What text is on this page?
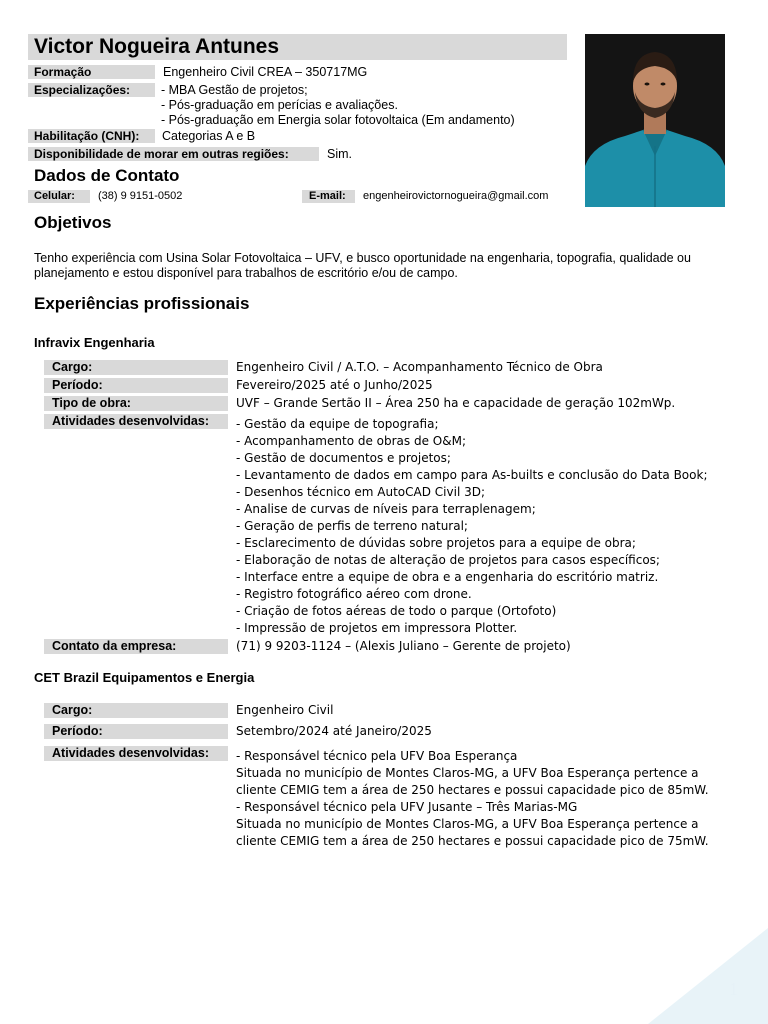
Victor Nogueira Antunes
Formação	Engenheiro Civil CREA – 350717MG
Especializações: - MBA Gestão de projetos;
- Pós-graduação em perícias e avaliações.
- Pós-graduação em Energia solar fotovoltaica (Em andamento)
Habilitação (CNH): Categorias A e B
Disponibilidade de morar em outras regiões:	Sim.
Dados de Contato
Celular: (38) 9 9151-0502	E-mail: engenheirovictornogueira@gmail.com
Objetivos
Tenho experiência com Usina Solar Fotovoltaica – UFV, e busco oportunidade na engenharia, topografia, qualidade ou planejamento e estou disponível para trabalhos de escritório e/ou de campo.
Experiências profissionais
Infravix Engenharia
Cargo:	Engenheiro Civil / A.T.O. – Acompanhamento Técnico de Obra
Período:	Fevereiro/2025 até o Junho/2025
Tipo de obra:	UVF – Grande Sertão II – Área 250 ha e capacidade de geração 102mWp.
Atividades desenvolvidas: - Gestão da equipe de topografia;
- Acompanhamento de obras de O&M;
- Gestão de documentos e projetos;
- Levantamento de dados em campo para As-builts e conclusão do Data Book;
- Desenhos técnico em AutoCAD Civil 3D;
- Analise de curvas de níveis para terraplenagem;
- Geração de perfis de terreno natural;
- Esclarecimento de dúvidas sobre projetos para a equipe de obra;
- Elaboração de notas de alteração de projetos para casos específicos;
- Interface entre a equipe de obra e a engenharia do escritório matriz.
- Registro fotográfico aéreo com drone.
- Criação de fotos aéreas de todo o parque (Ortofoto)
- Impressão de projetos em impressora Plotter.
Contato da empresa:	(71) 9 9203-1124 – (Alexis Juliano – Gerente de projeto)
CET Brazil Equipamentos e Energia
Cargo:	Engenheiro Civil
Período:	Setembro/2024 até Janeiro/2025
Atividades desenvolvidas: - Responsável técnico pela UFV Boa Esperança
Situada no município de Montes Claros-MG, a UFV Boa Esperança pertence a
cliente CEMIG tem a área de 250 hectares e possui capacidade pico de 85mW.
- Responsável técnico pela UFV Jusante – Três Marias-MG
Situada no município de Montes Claros-MG, a UFV Boa Esperança pertence a
cliente CEMIG tem a área de 250 hectares e possui capacidade pico de 75mW.
1
